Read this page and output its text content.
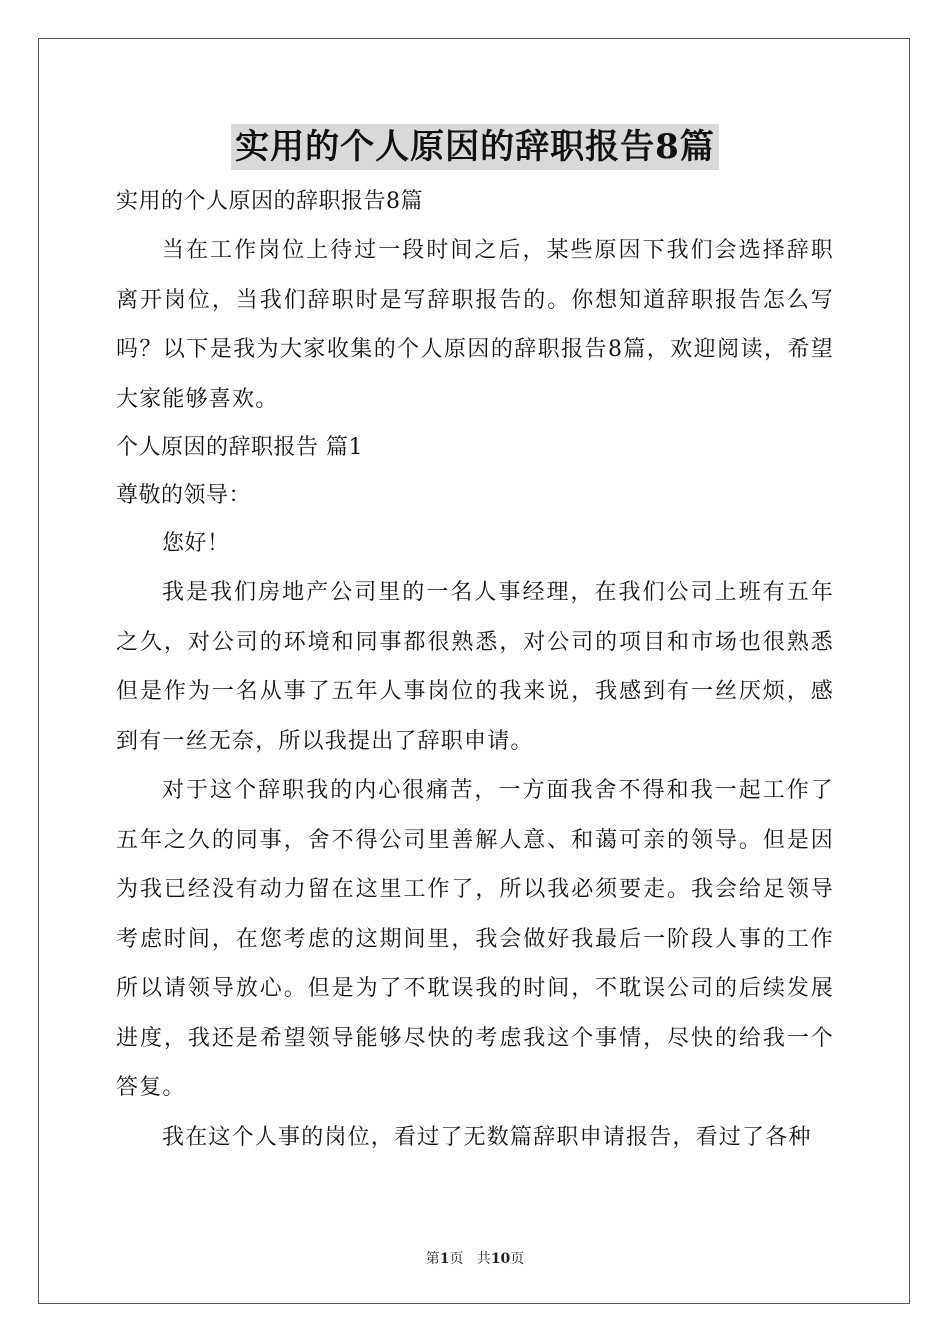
实用的个人原因的辞职报告8篇

实用的个人原因的辞职报告8篇

当在工作岗位上待过一段时间之后，某些原因下我们会选择辞职离开岗位，当我们辞职时是写辞职报告的。你想知道辞职报告怎么写吗？以下是我为大家收集的个人原因的辞职报告8篇，欢迎阅读，希望大家能够喜欢。

个人原因的辞职报告 篇1

尊敬的领导：

您好！

我是我们房地产公司里的一名人事经理，在我们公司上班有五年之久，对公司的环境和同事都很熟悉，对公司的项目和市场也很熟悉但是作为一名从事了五年人事岗位的我来说，我感到有一丝厌烦，感到有一丝无奈，所以我提出了辞职申请。

对于这个辞职我的内心很痛苦，一方面我舍不得和我一起工作了五年之久的同事，舍不得公司里善解人意、和蔼可亲的领导。但是因为我已经没有动力留在这里工作了，所以我必须要走。我会给足领导考虑时间，在您考虑的这期间里，我会做好我最后一阶段人事的工作所以请领导放心。但是为了不耽误我的时间，不耽误公司的后续发展进度，我还是希望领导能够尽快的考虑我这个事情，尽快的给我一个答复。

我在这个人事的岗位，看过了无数篇辞职申请报告，看过了各种

第1页   共10页
